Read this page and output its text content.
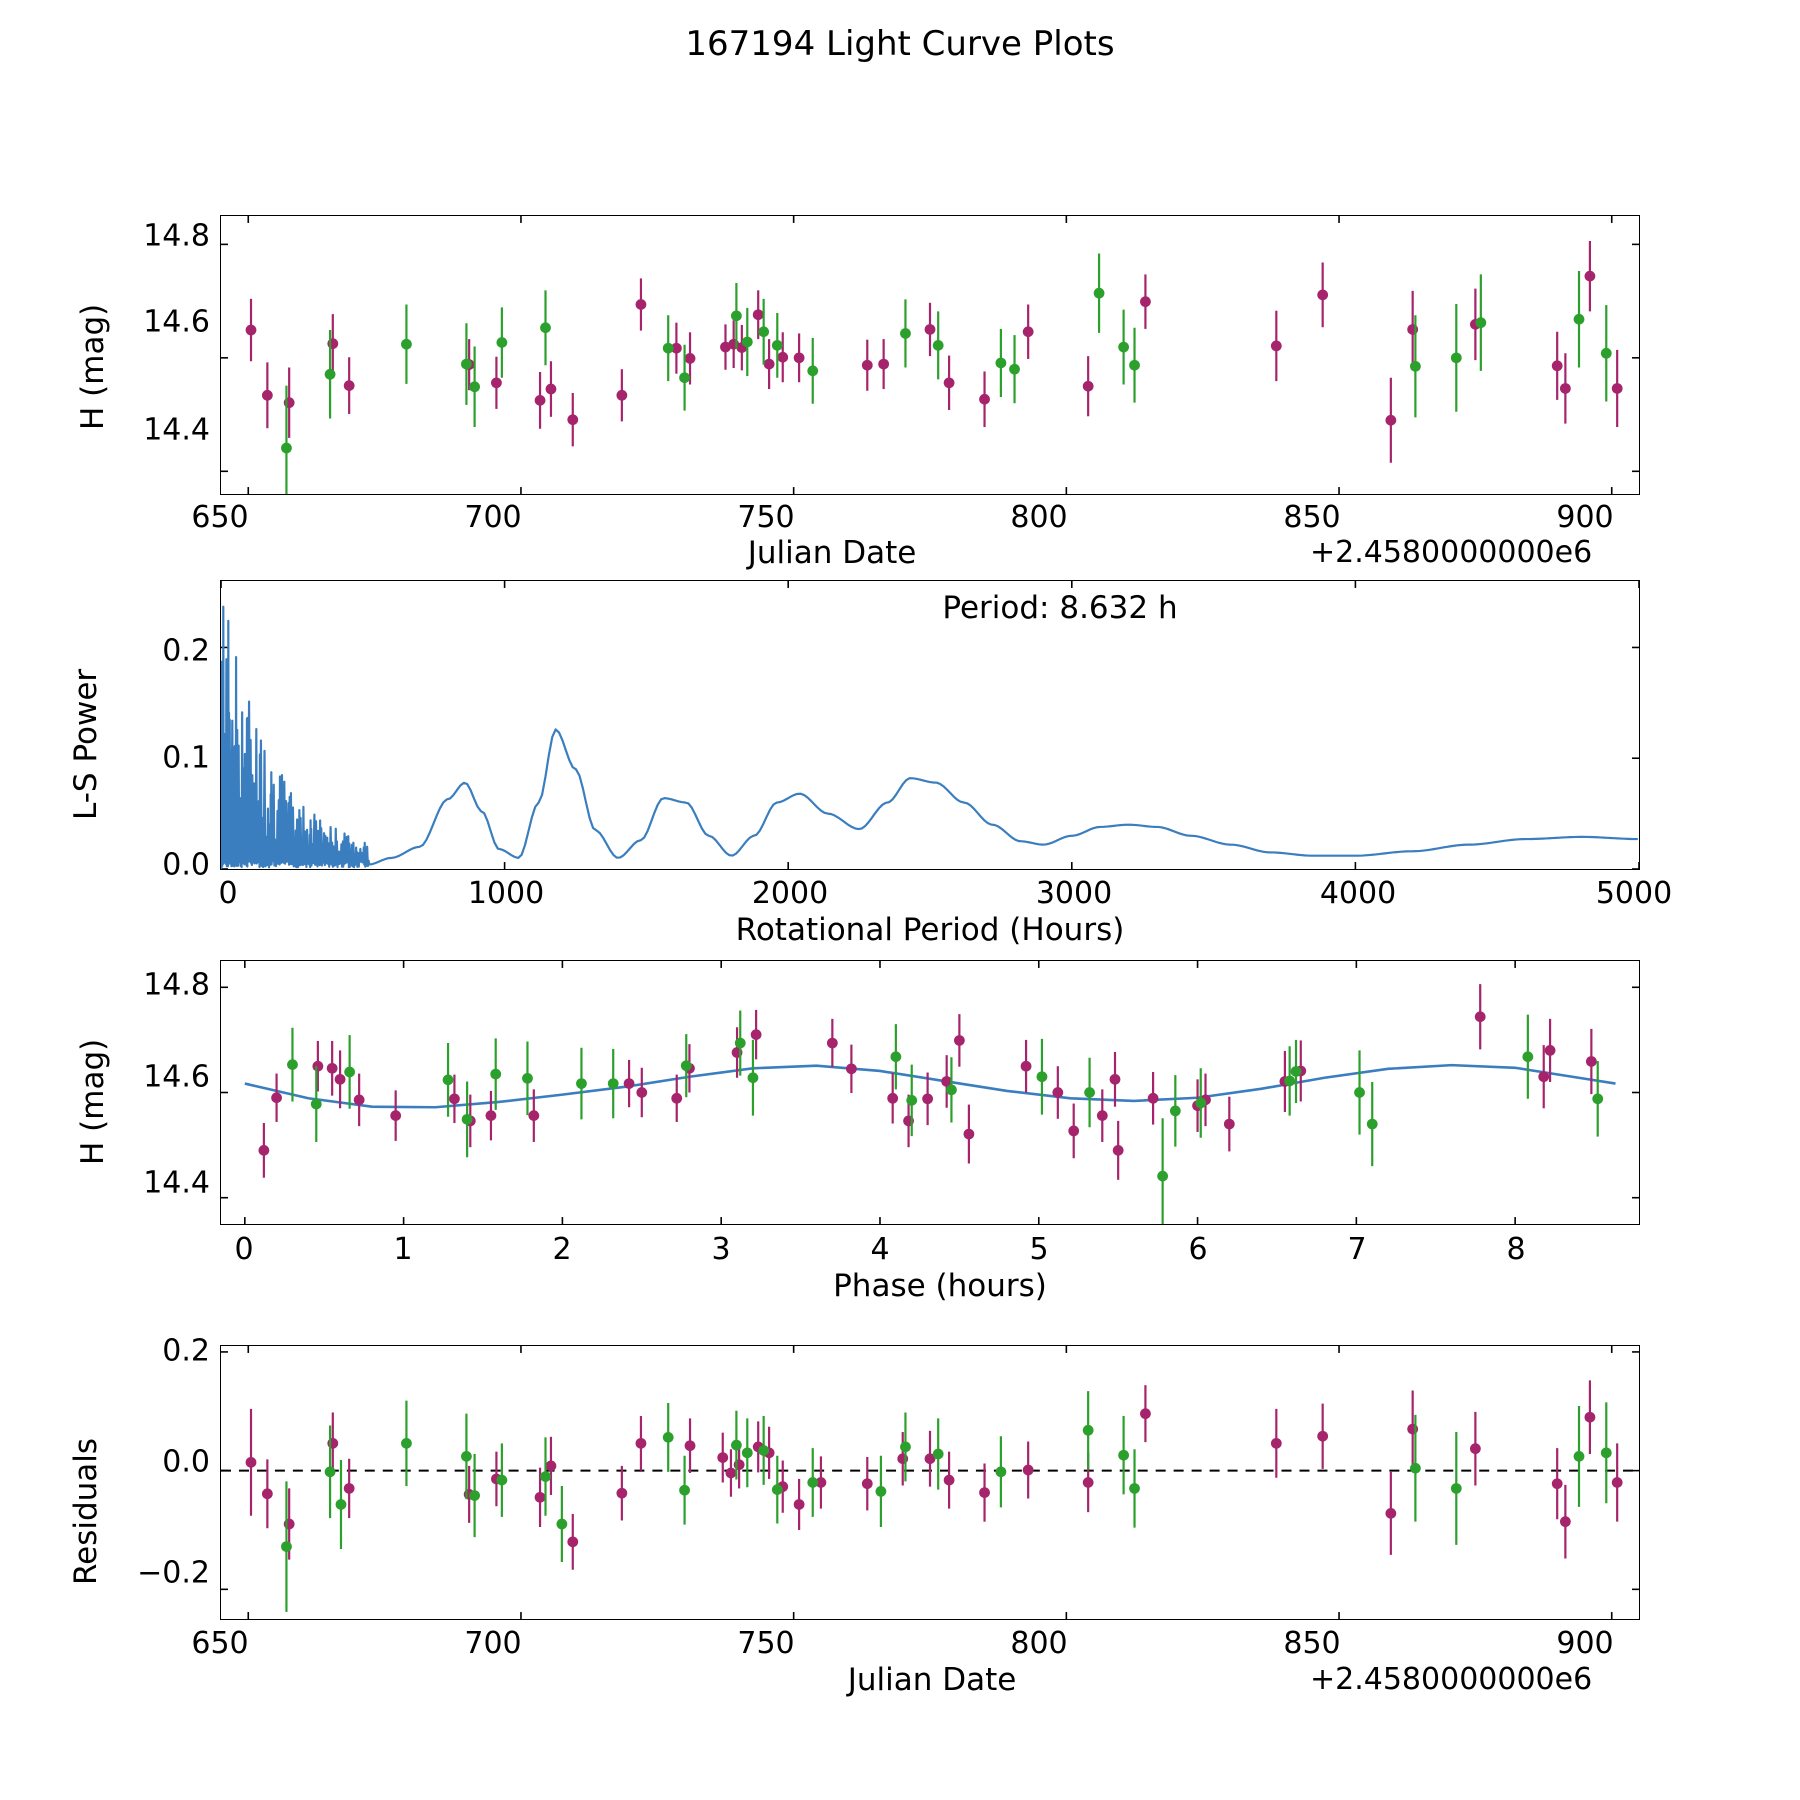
167194 Light Curve Plots
14.4
14.6
14.8
650	700	750	800	850	900
Julian Date	+2.4580000000e6
H (mag)
Period: 8.632 h
0.0
0.1
0.2
0	1000	2000	3000	4000	5000
Rotational Period (Hours)
L-S Power
14.4
14.6
14.8
0	1	2	3	4	5	6	7	8
Phase (hours)
H (mag)
−0.2
0.0
0.2
650	700	750	800	850	900
Julian Date	+2.4580000000e6
Residuals
